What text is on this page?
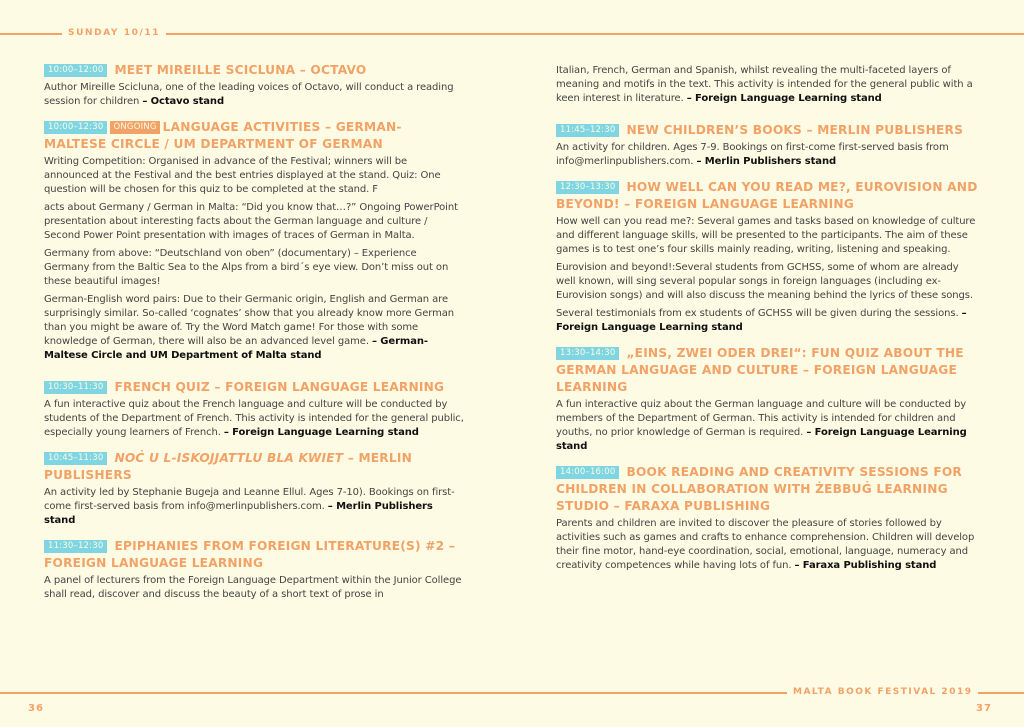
SUNDAY 10/11
MALTA BOOK FESTIVAL 2019
36	37
10:00–12:00 MEET MIREILLE SCICLUNA – OCTAVO

Author Mireille Scicluna, one of the leading voices of Octavo, will conduct a reading session for children – Octavo stand

10:00–12:30 ONGOING LANGUAGE ACTIVITIES – GERMAN-MALTESE CIRCLE / UM DEPARTMENT OF GERMAN

Writing Competition: Organised in advance of the Festival; winners will be announced at the Festival and the best entries displayed at the stand. Quiz: One question will be chosen for this quiz to be completed at the stand. F

acts about Germany / German in Malta: “Did you know that…?” Ongoing PowerPoint presentation about interesting facts about the German language and culture / Second Power Point presentation with images of traces of German in Malta.

Germany from above: “Deutschland von oben” (documentary) – Experience Germany from the Baltic Sea to the Alps from a bird´s eye view. Don’t miss out on these beautiful images!

German-English word pairs: Due to their Germanic origin, English and German are surprisingly similar. So-called ‘cognates’ show that you already know more German than you might be aware of. Try the Word Match game! For those with some knowledge of German, there will also be an advanced level game. – German-Maltese Circle and UM Department of Malta stand

10:30–11:30 FRENCH QUIZ – FOREIGN LANGUAGE LEARNING

A fun interactive quiz about the French language and culture will be conducted by students of the Department of French. This activity is intended for the general public, especially young learners of French. – Foreign Language Learning stand

10:45–11:30 NOĊ U L-ISKOJJATTLU BLA KWIET – MERLIN PUBLISHERS

An activity led by Stephanie Bugeja and Leanne Ellul. Ages 7-10). Bookings on first-come first-served basis from info@merlinpublishers.com. – Merlin Publishers stand

11:30–12:30 EPIPHANIES FROM FOREIGN LITERATURE(S) #2 – FOREIGN LANGUAGE LEARNING

A panel of lecturers from the Foreign Language Department within the Junior College shall read, discover and discuss the beauty of a short text of prose in

Italian, French, German and Spanish, whilst revealing the multi-faceted layers of meaning and motifs in the text. This activity is intended for the general public with a keen interest in literature. – Foreign Language Learning stand

11:45–12:30 NEW CHILDREN’S BOOKS – MERLIN PUBLISHERS

An activity for children. Ages 7-9. Bookings on first-come first-served basis from info@merlinpublishers.com. – Merlin Publishers stand

12:30–13:30 HOW WELL CAN YOU READ ME?, EUROVISION AND BEYOND! – FOREIGN LANGUAGE LEARNING

How well can you read me?: Several games and tasks based on knowledge of culture and different language skills, will be presented to the participants. The aim of these games is to test one’s four skills mainly reading, writing, listening and speaking.

Eurovision and beyond!:Several students from GCHSS, some of whom are already well known, will sing several popular songs in foreign languages (including ex-Eurovision songs) and will also discuss the meaning behind the lyrics of these songs.

Several testimonials from ex students of GCHSS will be given during the sessions. – Foreign Language Learning stand

13:30–14:30 „EINS, ZWEI ODER DREI“: FUN QUIZ ABOUT THE GERMAN LANGUAGE AND CULTURE – FOREIGN LANGUAGE LEARNING

A fun interactive quiz about the German language and culture will be conducted by members of the Department of German. This activity is intended for children and youths, no prior knowledge of German is required. – Foreign Language Learning stand

14:00–16:00 BOOK READING AND CREATIVITY SESSIONS FOR CHILDREN IN COLLABORATION WITH ŻEBBUĠ LEARNING STUDIO – FARAXA PUBLISHING

Parents and children are invited to discover the pleasure of stories followed by activities such as games and crafts to enhance comprehension. Children will develop their fine motor, hand-eye coordination, social, emotional, language, numeracy and creativity competences while having lots of fun. – Faraxa Publishing stand
